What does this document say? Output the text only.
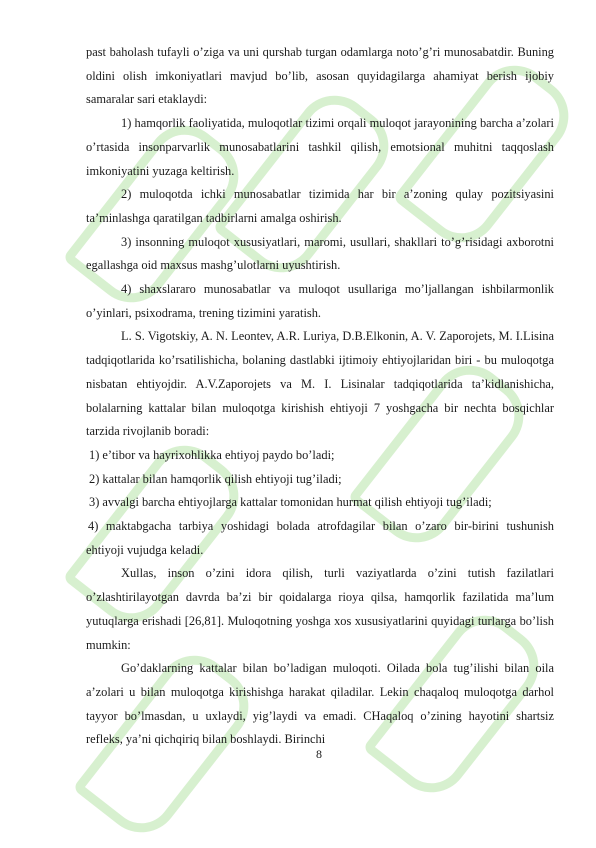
past baholash tufayli o’ziga va uni qurshab turgan odamlarga noto’g’ri munosabatdir. Buning oldini olish imkoniyatlari mavjud bo’lib, asosan quyidagilarga ahamiyat berish ijobiy samaralar sari etaklaydi:

1) hamqorlik faoliyatida, muloqotlar tizimi orqali muloqot jarayonining barcha a’zolari o’rtasida insonparvarlik munosabatlarini tashkil qilish, emotsional muhitni taqqoslash imkoniyatini yuzaga keltirish.

2) muloqotda ichki munosabatlar tizimida har bir a’zoning qulay pozitsiyasini ta’minlashga qaratilgan tadbirlarni amalga oshirish.

3) insonning muloqot xususiyatlari, maromi, usullari, shakllari to’g’risidagi axborotni egallashga oid maxsus mashg’ulotlarni uyushtirish.

4) shaxslararo munosabatlar va muloqot usullariga mo’ljallangan ishbilarmonlik o’yinlari, psixodrama, trening tizimini yaratish.

L. S. Vigotskiy, A. N. Leontev, A.R. Luriya, D.B.Elkonin, A. V. Zaporojets, M. I.Lisina tadqiqotlarida ko’rsatilishicha, bolaning dastlabki ijtimoiy ehtiyojlaridan biri - bu muloqotga nisbatan ehtiyojdir. A.V.Zaporojets va M. I. Lisinalar tadqiqotlarida ta’kidlanishicha, bolalarning kattalar bilan muloqotga kirishish ehtiyoji 7 yoshgacha bir nechta bosqichlar tarzida rivojlanib boradi:

1) e’tibor va hayrixohlikka ehtiyoj paydo bo’ladi;

2) kattalar bilan hamqorlik qilish ehtiyoji tug’iladi;

3) avvalgi barcha ehtiyojlarga kattalar tomonidan hurmat qilish ehtiyoji tug’iladi;

4) maktabgacha tarbiya yoshidagi bolada atrofdagilar bilan o’zaro bir-birini tushunish ehtiyoji vujudga keladi.

Xullas, inson o’zini idora qilish, turli vaziyatlarda o’zini tutish fazilatlari o’zlashtirilayotgan davrda ba’zi bir qoidalarga rioya qilsa, hamqorlik fazilatida ma’lum yutuqlarga erishadi [26,81]. Muloqotning yoshga xos xususiyatlarini quyidagi turlarga bo’lish mumkin:

Go’daklarning kattalar bilan bo’ladigan muloqoti. Oilada bola tug’ilishi bilan oila a’zolari u bilan muloqotga kirishishga harakat qiladilar. Lekin chaqaloq muloqotga darhol tayyor bo’lmasdan, u uxlaydi, yig’laydi va emadi. CHaqaloq o’zining hayotini shartsiz refleks, ya’ni qichqiriq bilan boshlaydi. Birinchi

8
